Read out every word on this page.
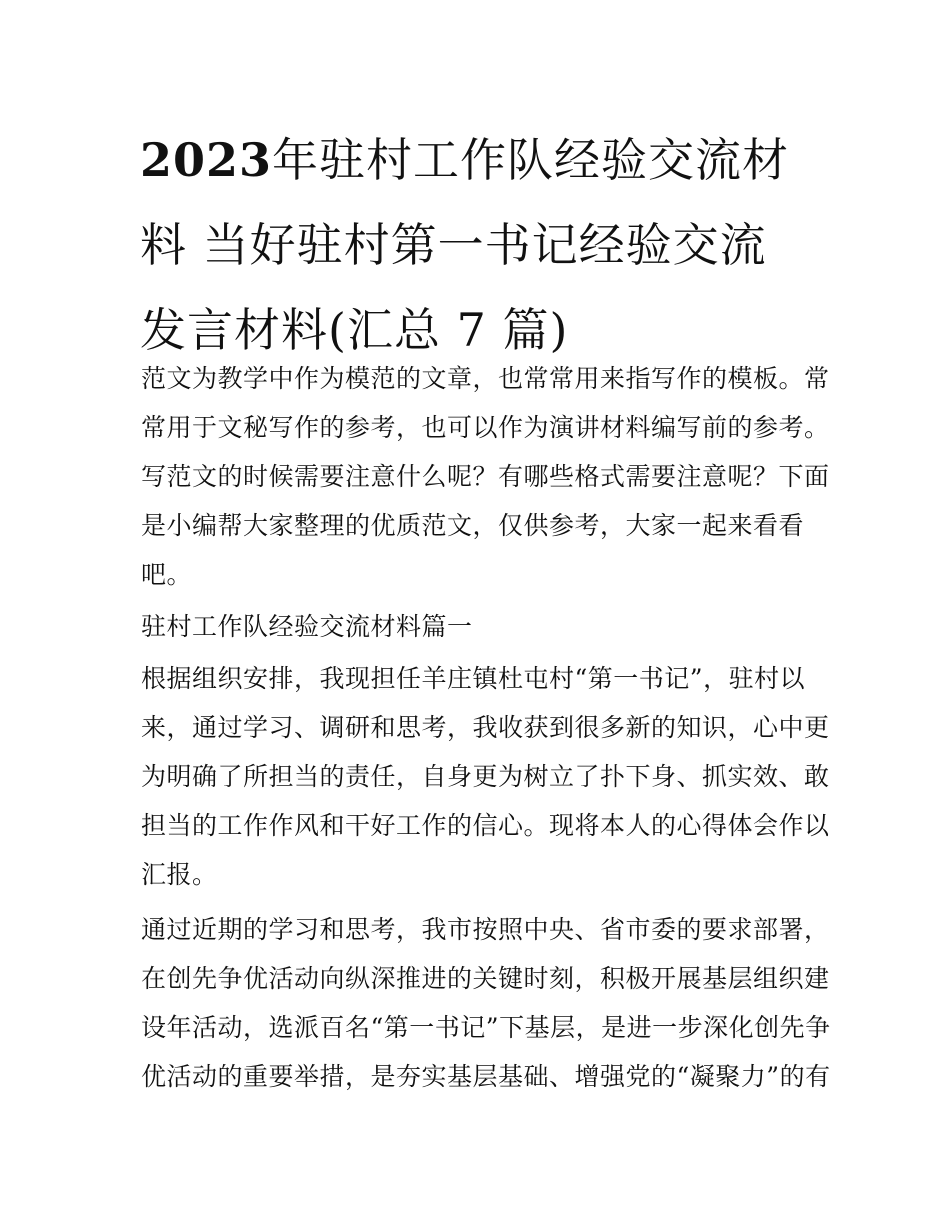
2023年驻村工作队经验交流材
料 当好驻村第一书记经验交流
发言材料(汇总 7 篇)

范文为教学中作为模范的文章，也常常用来指写作的模板。常

常用于文秘写作的参考，也可以作为演讲材料编写前的参考。

写范文的时候需要注意什么呢？有哪些格式需要注意呢？下面

是小编帮大家整理的优质范文，仅供参考，大家一起来看看

吧。

驻村工作队经验交流材料篇一

根据组织安排，我现担任羊庄镇杜屯村“第一书记”，驻村以

来，通过学习、调研和思考，我收获到很多新的知识，心中更

为明确了所担当的责任，自身更为树立了扑下身、抓实效、敢

担当的工作作风和干好工作的信心。现将本人的心得体会作以

汇报。

通过近期的学习和思考，我市按照中央、省市委的要求部署，

在创先争优活动向纵深推进的关键时刻，积极开展基层组织建

设年活动，选派百名“第一书记”下基层，是进一步深化创先争

优活动的重要举措，是夯实基层基础、增强党的“凝聚力”的有
